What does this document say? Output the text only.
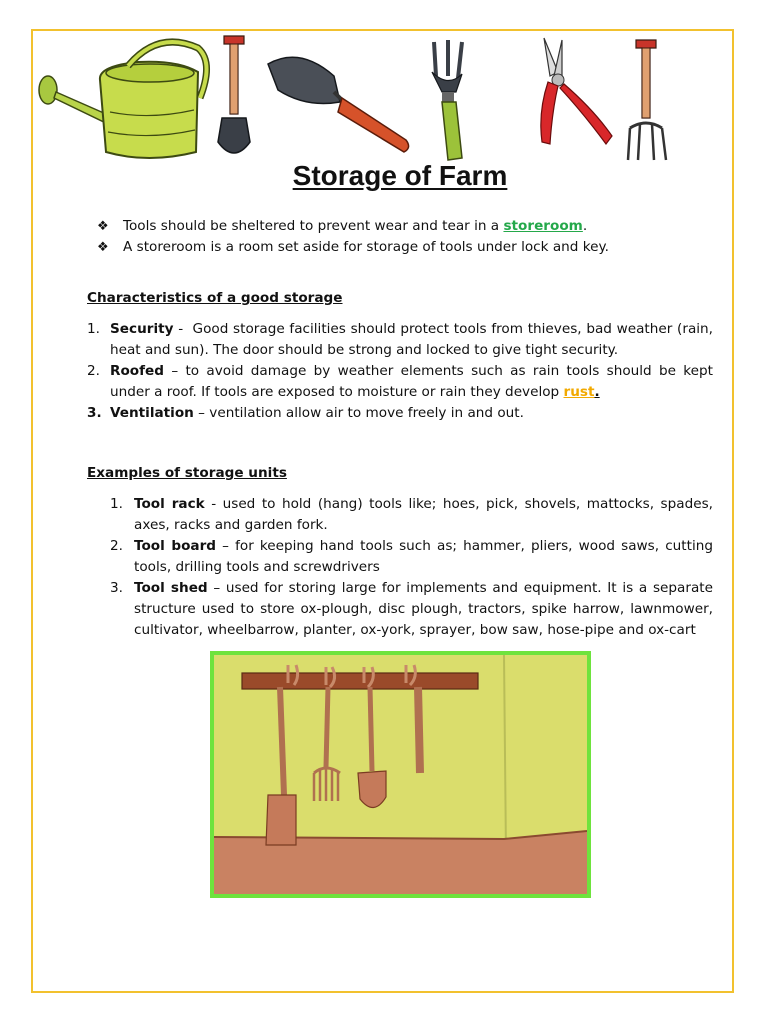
Storage of Farm
❖	Tools should be sheltered to prevent wear and tear in a storeroom.
❖	A storeroom is a room set aside for storage of tools under lock and key.
Characteristics of a good storage
1. Security -  Good storage facilities should protect tools from thieves, bad weather (rain, heat and sun). The door should be strong and locked to give tight security.
2. Roofed – to avoid damage by weather elements such as rain tools should be kept under a roof. If tools are exposed to moisture or rain they develop rust.
3. Ventilation – ventilation allow air to move freely in and out.
Examples of storage units
1. Tool rack - used to hold (hang) tools like; hoes, pick, shovels, mattocks, spades, axes, racks and garden fork.
2. Tool board – for keeping hand tools such as; hammer, pliers, wood saws, cutting tools, drilling tools and screwdrivers
3. Tool shed – used for storing large for implements and equipment. It is a separate structure used to store ox-plough, disc plough, tractors, spike harrow, lawnmower, cultivator, wheelbarrow, planter, ox-york, sprayer, bow saw, hose-pipe and ox-cart
